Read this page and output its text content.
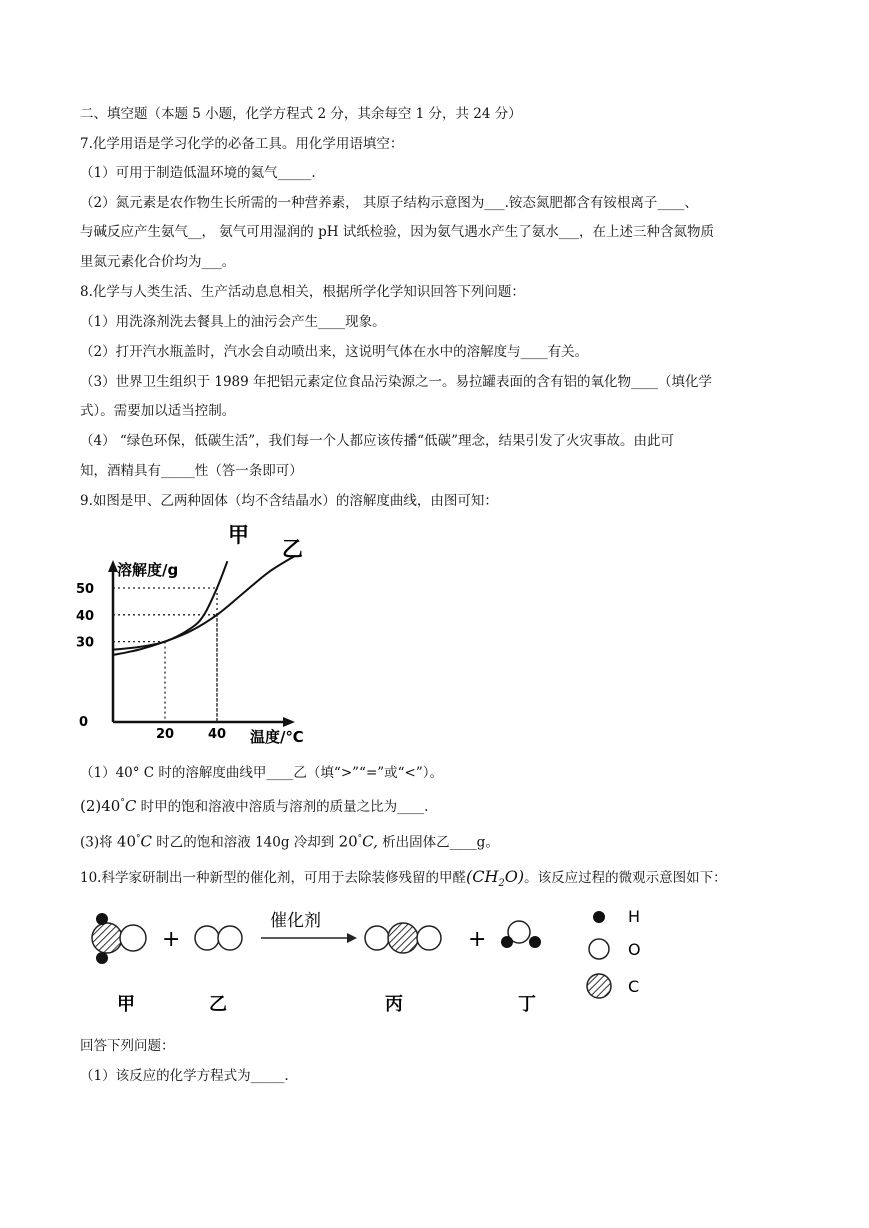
二、填空题（本题 5 小题，化学方程式 2 分，其余每空 1 分，共 24 分）
7.化学用语是学习化学的必备工具。用化学用语填空：
（1）可用于制造低温环境的氦气_____.
（2）氮元素是农作物生长所需的一种营养素， 其原子结构示意图为___.铵态氮肥都含有铵根离子____、
与碱反应产生氨气__， 氨气可用湿润的 pH 试纸检验，因为氨气遇水产生了氨水___，在上述三种含氮物质
里氮元素化合价均为___。
8.化学与人类生活、生产活动息息相关，根据所学化学知识回答下列问题：
（1）用洗涤剂洗去餐具上的油污会产生____现象。
（2）打开汽水瓶盖时，汽水会自动喷出来，这说明气体在水中的溶解度与____有关。
（3）世界卫生组织于 1989 年把铝元素定位食品污染源之一。易拉罐表面的含有铝的氧化物____（填化学
式）。需要加以适当控制。
（4） “绿色环保，低碳生活”，我们每一个人都应该传播“低碳”理念，结果引发了火灾事故。由此可
知，酒精具有_____性（答一条即可）
9.如图是甲、乙两种固体（均不含结晶水）的溶解度曲线，由图可知：
溶解度/g
温度/℃
50
40
30
0
20	40
甲
乙
（1）40° C 时的溶解度曲线甲____乙（填“>”“=”或“<”）。
(2)40°C 时甲的饱和溶液中溶质与溶剂的质量之比为____.
(3)将 40°C 时乙的饱和溶液 140g 冷却到 20°C, 析出固体乙____g。
10.科学家研制出一种新型的催化剂，可用于去除装修残留的甲醛$(CH_2O)$。该反应过程的微观示意图如下：
+
催化剂
+
H
O
C
甲	乙	丙	丁
回答下列问题：
（1）该反应的化学方程式为_____.
